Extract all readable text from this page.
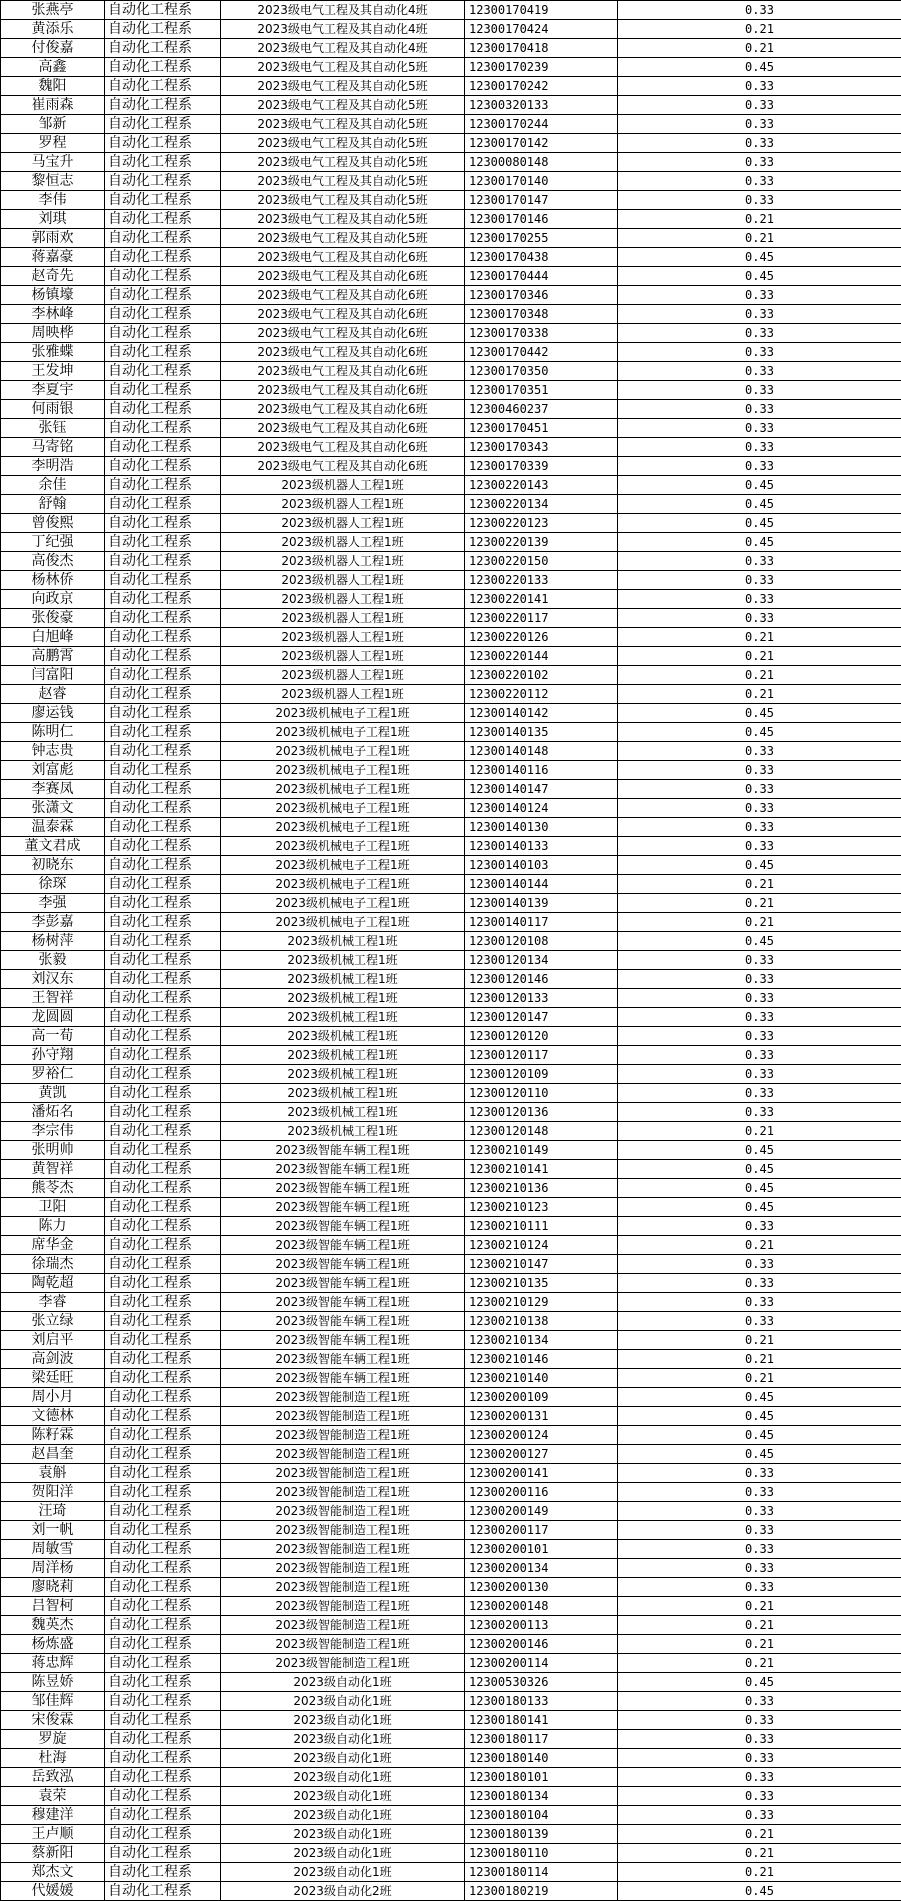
张燕亭	自动化工程系	2023级电气工程及其自动化4班	12300170419	0.33
黄添乐	自动化工程系	2023级电气工程及其自动化4班	12300170424	0.21
付俊嘉	自动化工程系	2023级电气工程及其自动化4班	12300170418	0.21
高鑫	自动化工程系	2023级电气工程及其自动化5班	12300170239	0.45
魏阳	自动化工程系	2023级电气工程及其自动化5班	12300170242	0.33
崔雨森	自动化工程系	2023级电气工程及其自动化5班	12300320133	0.33
邹新	自动化工程系	2023级电气工程及其自动化5班	12300170244	0.33
罗程	自动化工程系	2023级电气工程及其自动化5班	12300170142	0.33
马宝升	自动化工程系	2023级电气工程及其自动化5班	12300080148	0.33
黎恒志	自动化工程系	2023级电气工程及其自动化5班	12300170140	0.33
李伟	自动化工程系	2023级电气工程及其自动化5班	12300170147	0.33
刘琪	自动化工程系	2023级电气工程及其自动化5班	12300170146	0.21
郭雨欢	自动化工程系	2023级电气工程及其自动化5班	12300170255	0.21
蒋嘉豪	自动化工程系	2023级电气工程及其自动化6班	12300170438	0.45
赵奇先	自动化工程系	2023级电气工程及其自动化6班	12300170444	0.45
杨镇壕	自动化工程系	2023级电气工程及其自动化6班	12300170346	0.33
李林峰	自动化工程系	2023级电气工程及其自动化6班	12300170348	0.33
周映桦	自动化工程系	2023级电气工程及其自动化6班	12300170338	0.33
张雅蝶	自动化工程系	2023级电气工程及其自动化6班	12300170442	0.33
王发坤	自动化工程系	2023级电气工程及其自动化6班	12300170350	0.33
李夏宇	自动化工程系	2023级电气工程及其自动化6班	12300170351	0.33
何雨银	自动化工程系	2023级电气工程及其自动化6班	12300460237	0.33
张钰	自动化工程系	2023级电气工程及其自动化6班	12300170451	0.33
马寄铭	自动化工程系	2023级电气工程及其自动化6班	12300170343	0.33
李明浩	自动化工程系	2023级电气工程及其自动化6班	12300170339	0.33
余佳	自动化工程系	2023级机器人工程1班	12300220143	0.45
舒翰	自动化工程系	2023级机器人工程1班	12300220134	0.45
曾俊熙	自动化工程系	2023级机器人工程1班	12300220123	0.45
丁纪强	自动化工程系	2023级机器人工程1班	12300220139	0.45
高俊杰	自动化工程系	2023级机器人工程1班	12300220150	0.33
杨林侨	自动化工程系	2023级机器人工程1班	12300220133	0.33
向政京	自动化工程系	2023级机器人工程1班	12300220141	0.33
张俊豪	自动化工程系	2023级机器人工程1班	12300220117	0.33
白旭峰	自动化工程系	2023级机器人工程1班	12300220126	0.21
高鹏霄	自动化工程系	2023级机器人工程1班	12300220144	0.21
闫富阳	自动化工程系	2023级机器人工程1班	12300220102	0.21
赵睿	自动化工程系	2023级机器人工程1班	12300220112	0.21
廖运钱	自动化工程系	2023级机械电子工程1班	12300140142	0.45
陈明仁	自动化工程系	2023级机械电子工程1班	12300140135	0.45
钟志贵	自动化工程系	2023级机械电子工程1班	12300140148	0.33
刘富彪	自动化工程系	2023级机械电子工程1班	12300140116	0.33
李赛凤	自动化工程系	2023级机械电子工程1班	12300140147	0.33
张潇文	自动化工程系	2023级机械电子工程1班	12300140124	0.33
温泰霖	自动化工程系	2023级机械电子工程1班	12300140130	0.33
董文君成	自动化工程系	2023级机械电子工程1班	12300140133	0.33
初晓东	自动化工程系	2023级机械电子工程1班	12300140103	0.45
徐琛	自动化工程系	2023级机械电子工程1班	12300140144	0.21
李强	自动化工程系	2023级机械电子工程1班	12300140139	0.21
李彭嘉	自动化工程系	2023级机械电子工程1班	12300140117	0.21
杨树萍	自动化工程系	2023级机械工程1班	12300120108	0.45
张毅	自动化工程系	2023级机械工程1班	12300120134	0.33
刘汉东	自动化工程系	2023级机械工程1班	12300120146	0.33
王智祥	自动化工程系	2023级机械工程1班	12300120133	0.33
龙圆圆	自动化工程系	2023级机械工程1班	12300120147	0.33
高一荀	自动化工程系	2023级机械工程1班	12300120120	0.33
孙守翔	自动化工程系	2023级机械工程1班	12300120117	0.33
罗裕仁	自动化工程系	2023级机械工程1班	12300120109	0.33
黄凯	自动化工程系	2023级机械工程1班	12300120110	0.33
潘炻名	自动化工程系	2023级机械工程1班	12300120136	0.33
李宗伟	自动化工程系	2023级机械工程1班	12300120148	0.21
张明帅	自动化工程系	2023级智能车辆工程1班	12300210149	0.45
黄智祥	自动化工程系	2023级智能车辆工程1班	12300210141	0.45
熊苓杰	自动化工程系	2023级智能车辆工程1班	12300210136	0.45
卫阳	自动化工程系	2023级智能车辆工程1班	12300210123	0.45
陈力	自动化工程系	2023级智能车辆工程1班	12300210111	0.33
席华金	自动化工程系	2023级智能车辆工程1班	12300210124	0.21
徐瑞杰	自动化工程系	2023级智能车辆工程1班	12300210147	0.33
陶乾超	自动化工程系	2023级智能车辆工程1班	12300210135	0.33
李睿	自动化工程系	2023级智能车辆工程1班	12300210129	0.33
张立绿	自动化工程系	2023级智能车辆工程1班	12300210138	0.33
刘启平	自动化工程系	2023级智能车辆工程1班	12300210134	0.21
高剑波	自动化工程系	2023级智能车辆工程1班	12300210146	0.21
梁廷旺	自动化工程系	2023级智能车辆工程1班	12300210140	0.21
周小月	自动化工程系	2023级智能制造工程1班	12300200109	0.45
文德林	自动化工程系	2023级智能制造工程1班	12300200131	0.45
陈籽霖	自动化工程系	2023级智能制造工程1班	12300200124	0.45
赵昌奎	自动化工程系	2023级智能制造工程1班	12300200127	0.45
袁斛	自动化工程系	2023级智能制造工程1班	12300200141	0.33
贺阳洋	自动化工程系	2023级智能制造工程1班	12300200116	0.33
汪琦	自动化工程系	2023级智能制造工程1班	12300200149	0.33
刘一帆	自动化工程系	2023级智能制造工程1班	12300200117	0.33
周敏雪	自动化工程系	2023级智能制造工程1班	12300200101	0.33
周洋杨	自动化工程系	2023级智能制造工程1班	12300200134	0.33
廖晓莉	自动化工程系	2023级智能制造工程1班	12300200130	0.33
吕智柯	自动化工程系	2023级智能制造工程1班	12300200148	0.21
魏英杰	自动化工程系	2023级智能制造工程1班	12300200113	0.21
杨炼盛	自动化工程系	2023级智能制造工程1班	12300200146	0.21
蒋忠辉	自动化工程系	2023级智能制造工程1班	12300200114	0.21
陈昱娇	自动化工程系	2023级自动化1班	12300530326	0.45
邹佳辉	自动化工程系	2023级自动化1班	12300180133	0.33
宋俊霖	自动化工程系	2023级自动化1班	12300180141	0.33
罗旋	自动化工程系	2023级自动化1班	12300180117	0.33
杜海	自动化工程系	2023级自动化1班	12300180140	0.33
岳致泓	自动化工程系	2023级自动化1班	12300180101	0.33
袁荣	自动化工程系	2023级自动化1班	12300180134	0.33
穆建洋	自动化工程系	2023级自动化1班	12300180104	0.33
王卢顺	自动化工程系	2023级自动化1班	12300180139	0.21
蔡新阳	自动化工程系	2023级自动化1班	12300180110	0.21
郑杰文	自动化工程系	2023级自动化1班	12300180114	0.21
代媛媛	自动化工程系	2023级自动化2班	12300180219	0.45
